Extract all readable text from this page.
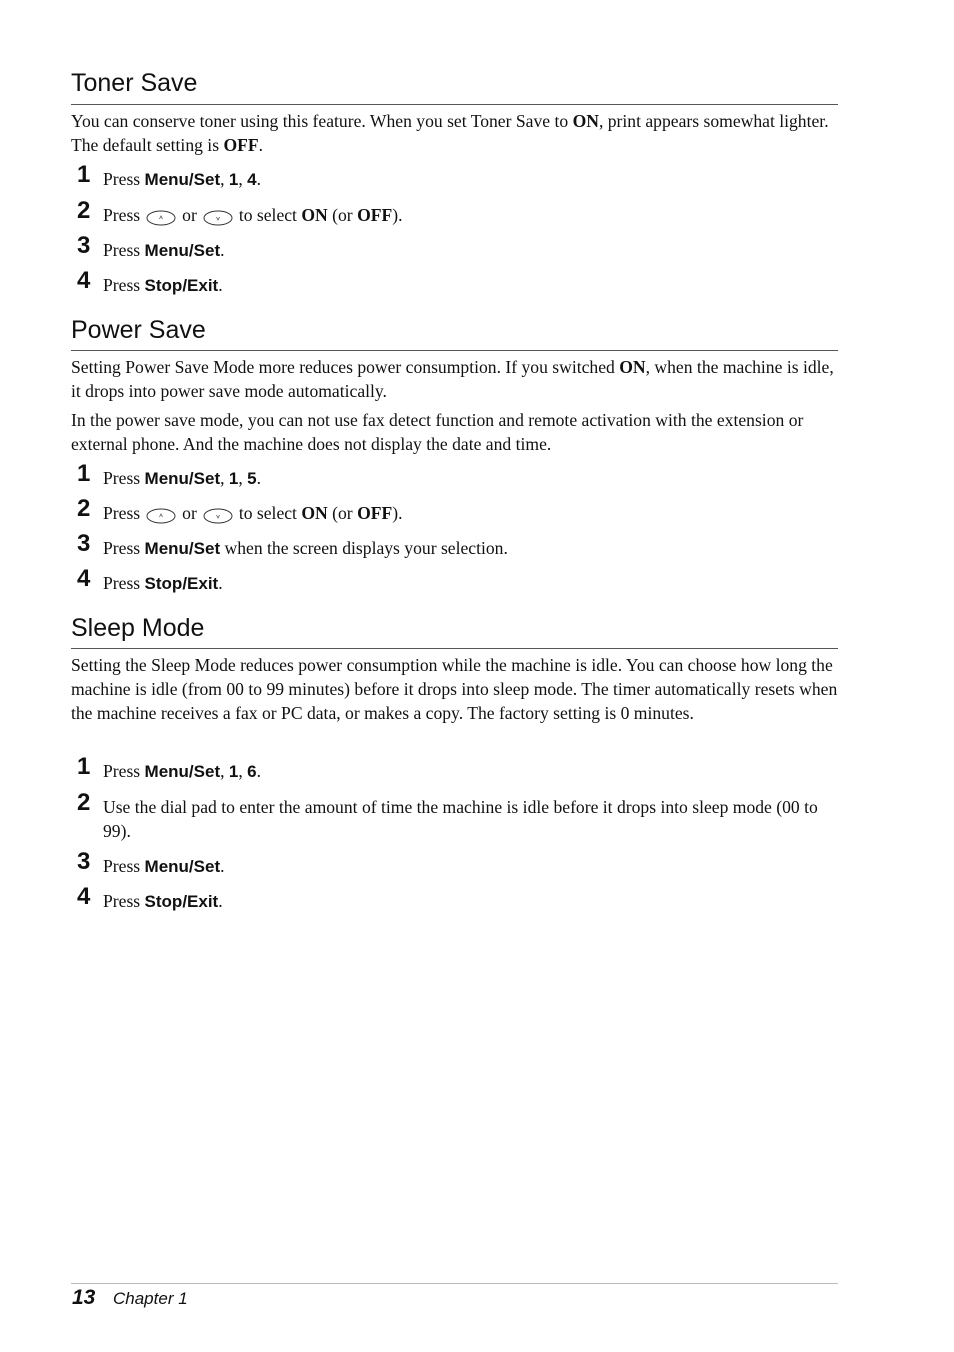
Toner Save

You can conserve toner using this feature. When you set Toner Save to ON, print appears somewhat lighter. The default setting is OFF.

1 Press Menu/Set, 1, 4.
2 Press or to select ON (or OFF).
3 Press Menu/Set.
4 Press Stop/Exit.
Power Save

Setting Power Save Mode more reduces power consumption. If you switched ON, when the machine is idle, it drops into power save mode automatically.

In the power save mode, you can not use fax detect function and remote activation with the extension or external phone. And the machine does not display the date and time.

1 Press Menu/Set, 1, 5.
2 Press or to select ON (or OFF).
3 Press Menu/Set when the screen displays your selection.
4 Press Stop/Exit.
Sleep Mode

Setting the Sleep Mode reduces power consumption while the machine is idle. You can choose how long the machine is idle (from 00 to 99 minutes) before it drops into sleep mode. The timer automatically resets when the machine receives a fax or PC data, or makes a copy. The factory setting is 0 minutes.

1 Press Menu/Set, 1, 6.
2 Use the dial pad to enter the amount of time the machine is idle before it drops into sleep mode (00 to 99).
3 Press Menu/Set.
4 Press Stop/Exit.
13 Chapter 1
